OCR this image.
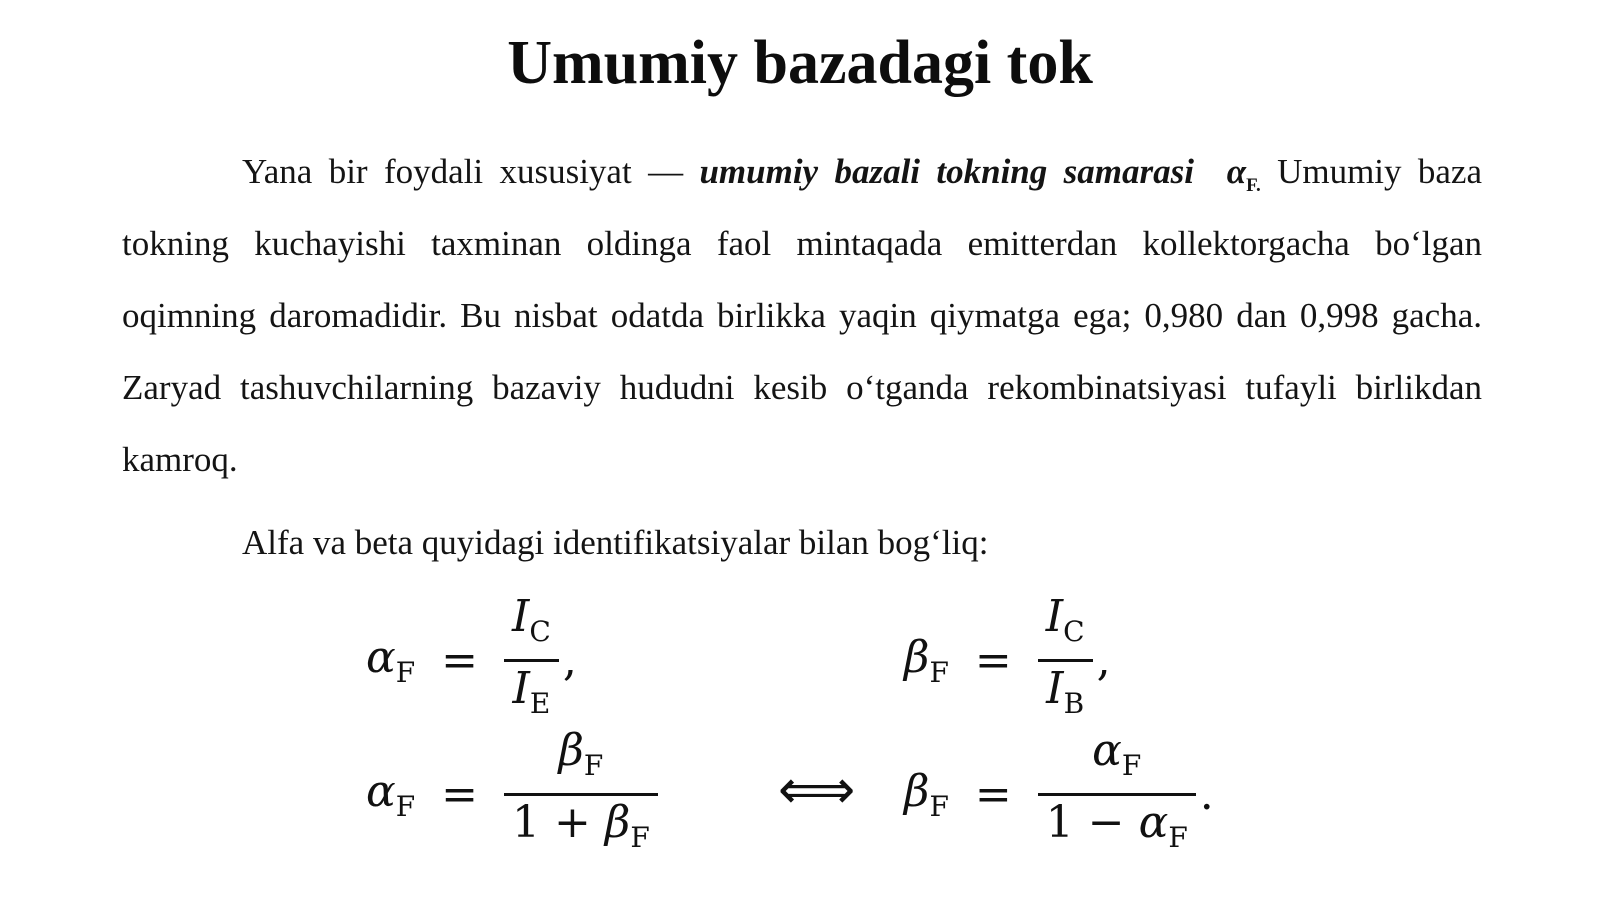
Umumiy bazadagi tok
Yana bir foydali xususiyat — umumiy bazali tokning samarasi $\alpha_{F.}$ Umumiy baza tokning kuchayishi taxminan oldinga faol mintaqada emitterdan kollektorgacha bo‘lgan oqimning daromadidir. Bu nisbat odatda birlikka yaqin qiymatga ega; 0,980 dan 0,998 gacha. Zaryad tashuvchilarning bazaviy hududni kesib o‘tganda rekombinatsiyasi tufayli birlikdan kamroq.
Alfa va beta quyidagi identifikatsiyalar bilan bog‘liq:
$\alpha_F = \frac{I_C}{I_E}$ ,	$\beta_F = \frac{I_C}{I_B}$ ,
$\alpha_F = \frac{\beta_F}{1 + \beta_F}$ ⟺ $\beta_F = \frac{\alpha_F}{1 - \alpha_F}$ .
